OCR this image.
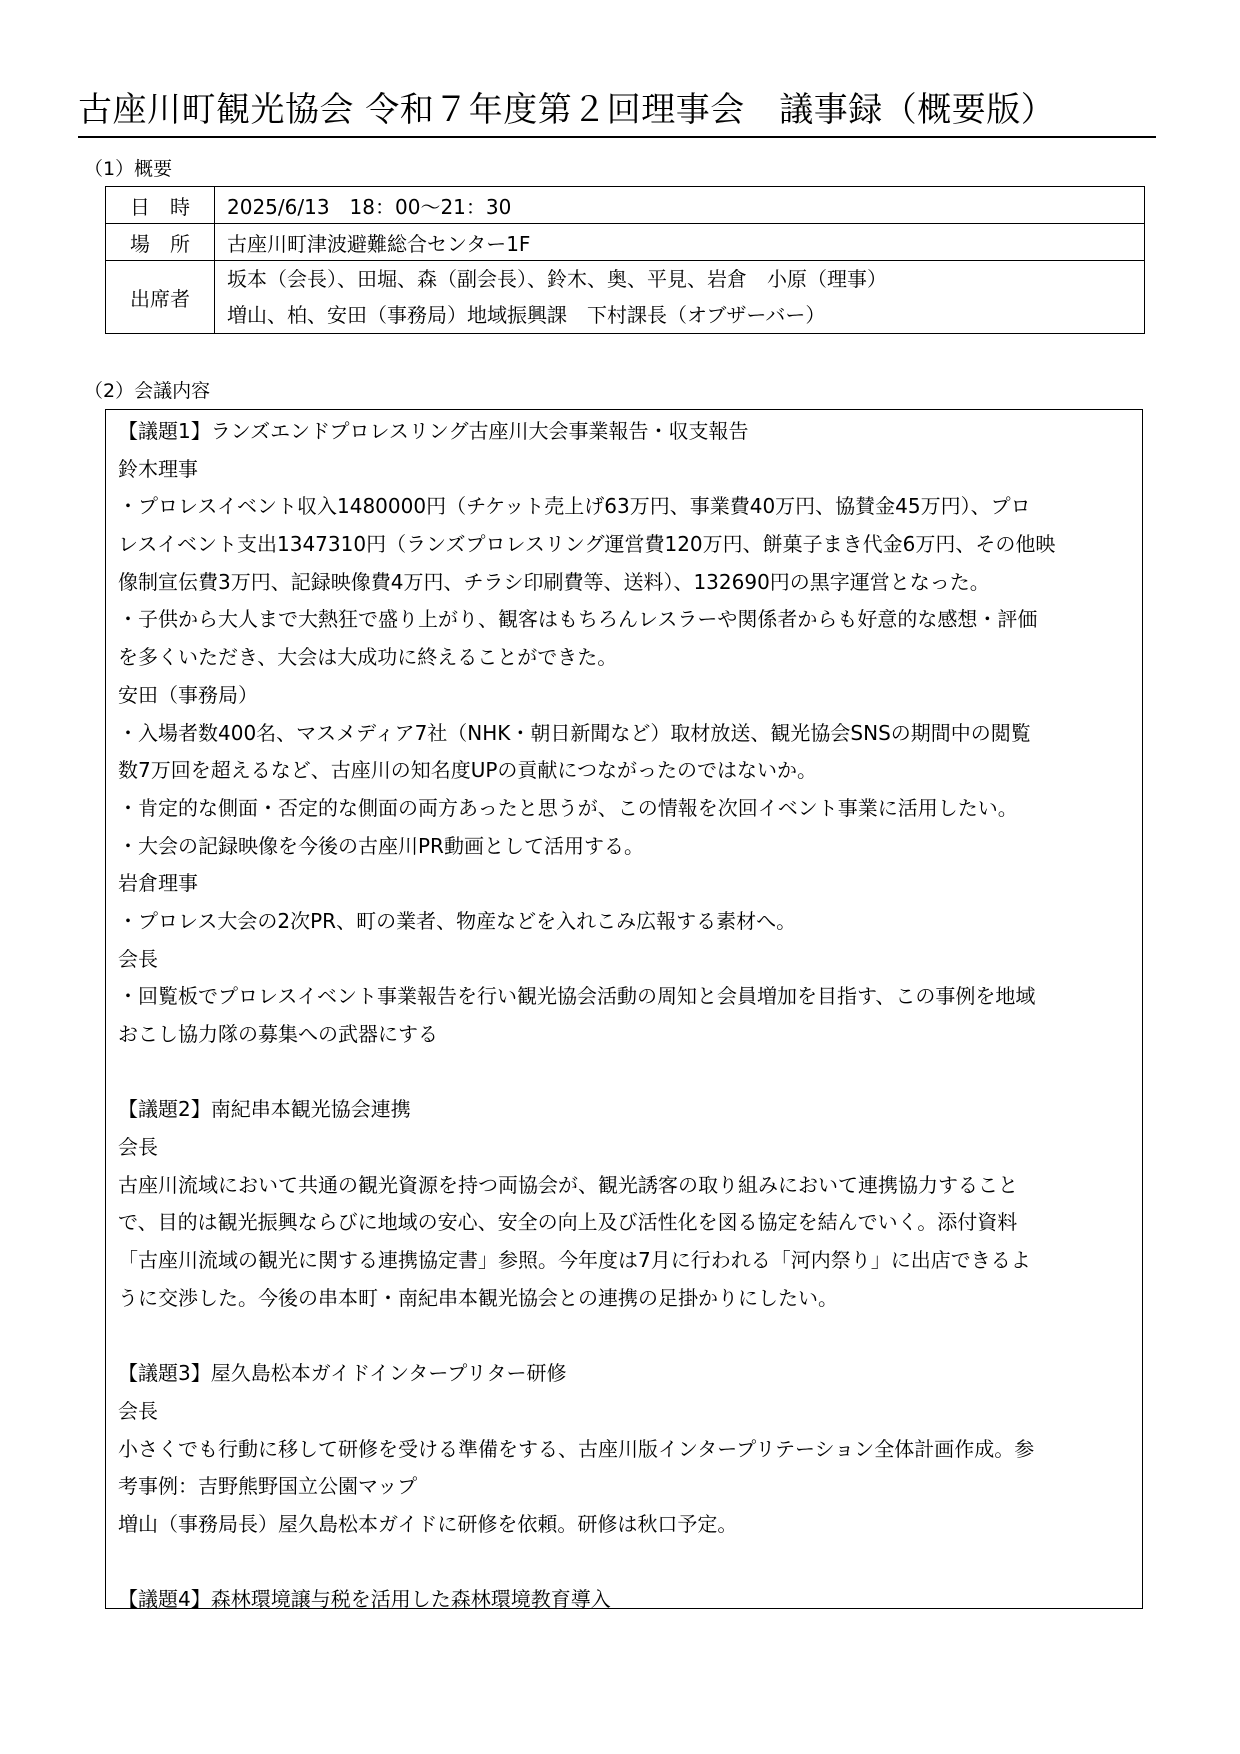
古座川町観光協会 令和７年度第２回理事会　議事録（概要版）
（1）概要
日　時	2025/6/13　18：00～21：30
場　所	古座川町津波避難総合センター1F
出席者	坂本（会長）、田堀、森（副会長）、鈴木、奥、平見、岩倉　小原（理事）
増山、柏、安田（事務局）地域振興課　下村課長（オブザーバー）
（2）会議内容
【議題1】ランズエンドプロレスリング古座川大会事業報告・収支報告
鈴木理事
・プロレスイベント収入1480000円（チケット売上げ63万円、事業費40万円、協賛金45万円）、プロ
レスイベント支出1347310円（ランズプロレスリング運営費120万円、餅菓子まき代金6万円、その他映
像制宣伝費3万円、記録映像費4万円、チラシ印刷費等、送料）、132690円の黒字運営となった。
・子供から大人まで大熱狂で盛り上がり、観客はもちろんレスラーや関係者からも好意的な感想・評価
を多くいただき、大会は大成功に終えることができた。
安田（事務局）
・入場者数400名、マスメディア7社（NHK・朝日新聞など）取材放送、観光協会SNSの期間中の閲覧
数7万回を超えるなど、古座川の知名度UPの貢献につながったのではないか。
・肯定的な側面・否定的な側面の両方あったと思うが、この情報を次回イベント事業に活用したい。
・大会の記録映像を今後の古座川PR動画として活用する。
岩倉理事
・プロレス大会の2次PR、町の業者、物産などを入れこみ広報する素材へ。
会長
・回覧板でプロレスイベント事業報告を行い観光協会活動の周知と会員増加を目指す、この事例を地域
おこし協力隊の募集への武器にする
【議題2】南紀串本観光協会連携
会長
古座川流域において共通の観光資源を持つ両協会が、観光誘客の取り組みにおいて連携協力すること
で、目的は観光振興ならびに地域の安心、安全の向上及び活性化を図る協定を結んでいく。添付資料
「古座川流域の観光に関する連携協定書」参照。今年度は7月に行われる「河内祭り」に出店できるよ
うに交渉した。今後の串本町・南紀串本観光協会との連携の足掛かりにしたい。
【議題3】屋久島松本ガイドインタープリター研修
会長
小さくでも行動に移して研修を受ける準備をする、古座川版インタープリテーション全体計画作成。参
考事例：吉野熊野国立公園マップ
増山（事務局長）屋久島松本ガイドに研修を依頼。研修は秋口予定。
【議題4】森林環境譲与税を活用した森林環境教育導入
